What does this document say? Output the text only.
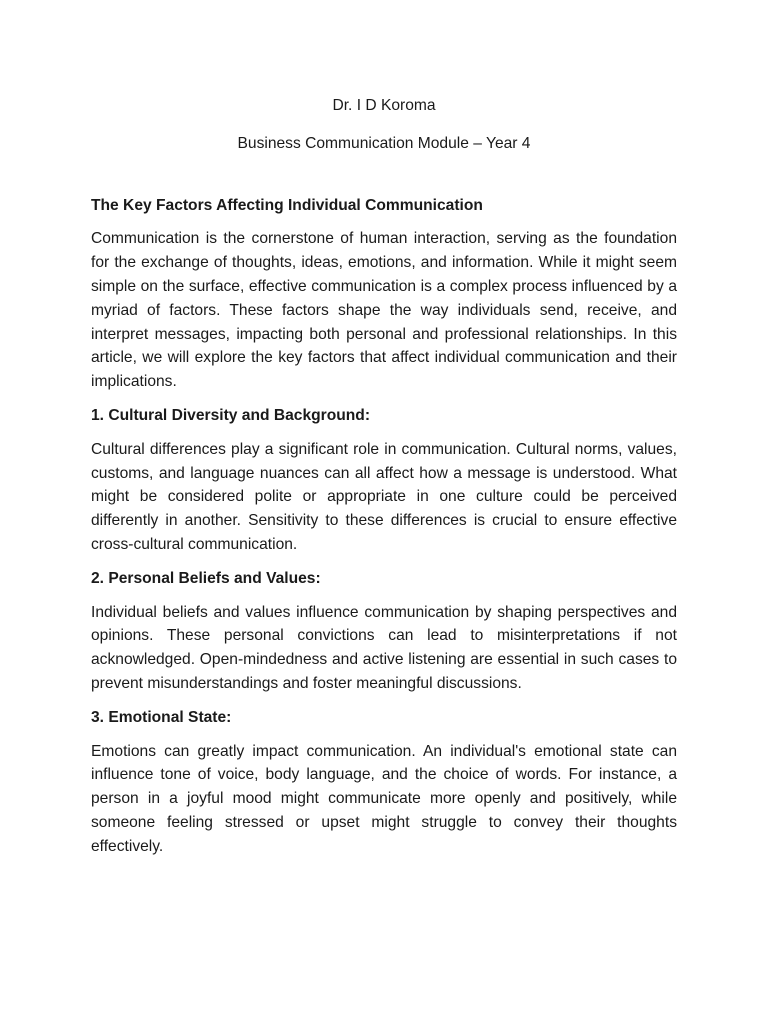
Dr. I D Koroma

Business Communication Module – Year 4

The Key Factors Affecting Individual Communication

Communication is the cornerstone of human interaction, serving as the foundation for the exchange of thoughts, ideas, emotions, and information. While it might seem simple on the surface, effective communication is a complex process influenced by a myriad of factors. These factors shape the way individuals send, receive, and interpret messages, impacting both personal and professional relationships. In this article, we will explore the key factors that affect individual communication and their implications.

1. Cultural Diversity and Background:

Cultural differences play a significant role in communication. Cultural norms, values, customs, and language nuances can all affect how a message is understood. What might be considered polite or appropriate in one culture could be perceived differently in another. Sensitivity to these differences is crucial to ensure effective cross-cultural communication.

2. Personal Beliefs and Values:

Individual beliefs and values influence communication by shaping perspectives and opinions. These personal convictions can lead to misinterpretations if not acknowledged. Open-mindedness and active listening are essential in such cases to prevent misunderstandings and foster meaningful discussions.

3. Emotional State:

Emotions can greatly impact communication. An individual's emotional state can influence tone of voice, body language, and the choice of words. For instance, a person in a joyful mood might communicate more openly and positively, while someone feeling stressed or upset might struggle to convey their thoughts effectively.
